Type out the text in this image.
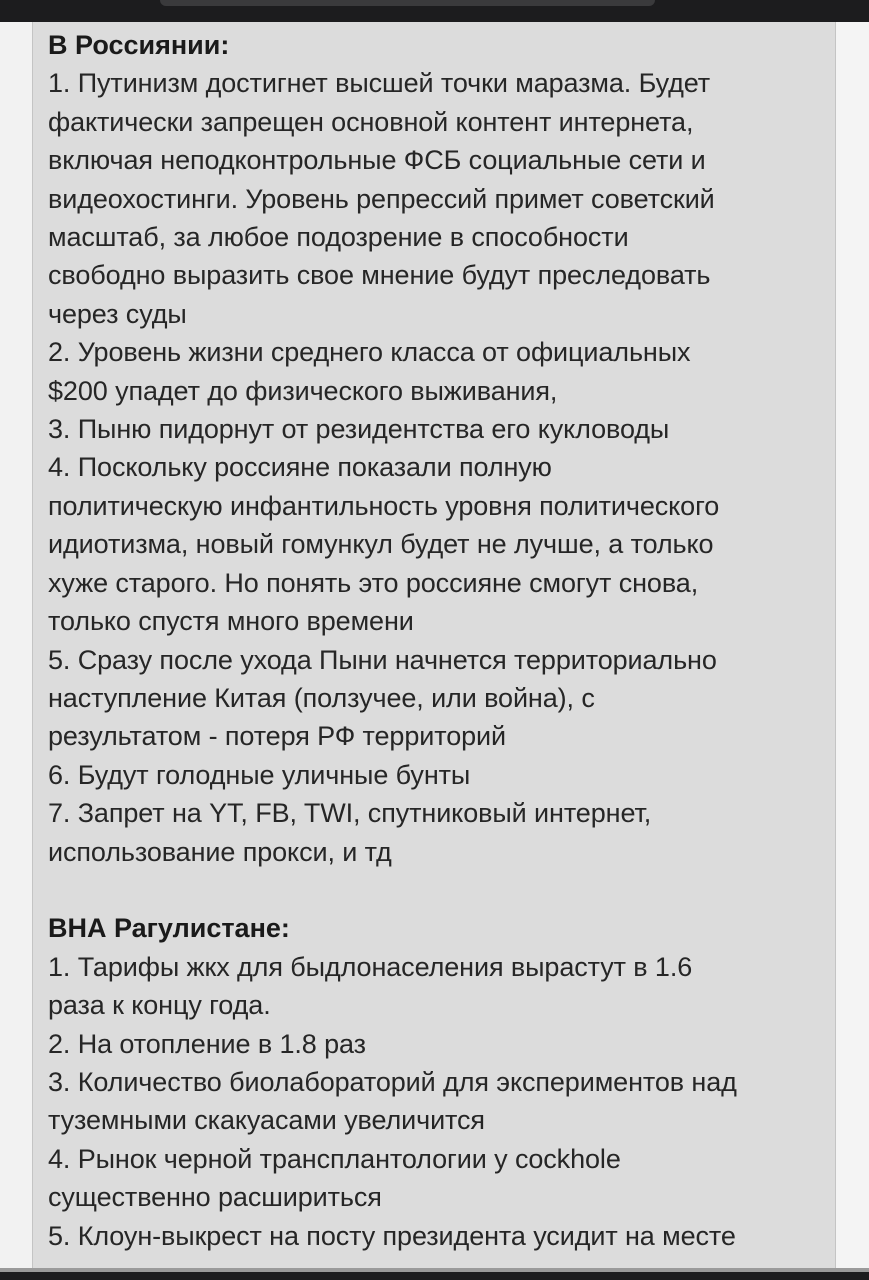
В Россиянии:
1. Путинизм достигнет высшей точки маразма. Будет
фактически запрещен основной контент интернета,
включая неподконтрольные ФСБ социальные сети и
видеохостинги. Уровень репрессий примет советский
масштаб, за любое подозрение в способности
свободно выразить свое мнение будут преследовать
через суды
2. Уровень жизни среднего класса от официальных
$200 упадет до физического выживания,
3. Пыню пидорнут от резидентства его кукловоды
4. Поскольку россияне показали полную
политическую инфантильность уровня политического
идиотизма, новый гомункул будет не лучше, а только
хуже старого. Но понять это россияне смогут снова,
только спустя много времени
5. Сразу после ухода Пыни начнется территориально
наступление Китая (ползучее, или война), с
результатом - потеря РФ территорий
6. Будут голодные уличные бунты
7. Запрет на YT, FB, TWI, спутниковый интернет,
использование прокси, и тд
ВНА Рагулистане:
1. Тарифы жкх для быдлонаселения вырастут в 1.6
раза к концу года.
2. На отопление в 1.8 раз
3. Количество биолабораторий для экспериментов над
туземными скакуасами увеличится
4. Рынок черной трансплантологии у cockhole
существенно расшириться
5. Клоун-выкрест на посту президента усидит на месте
